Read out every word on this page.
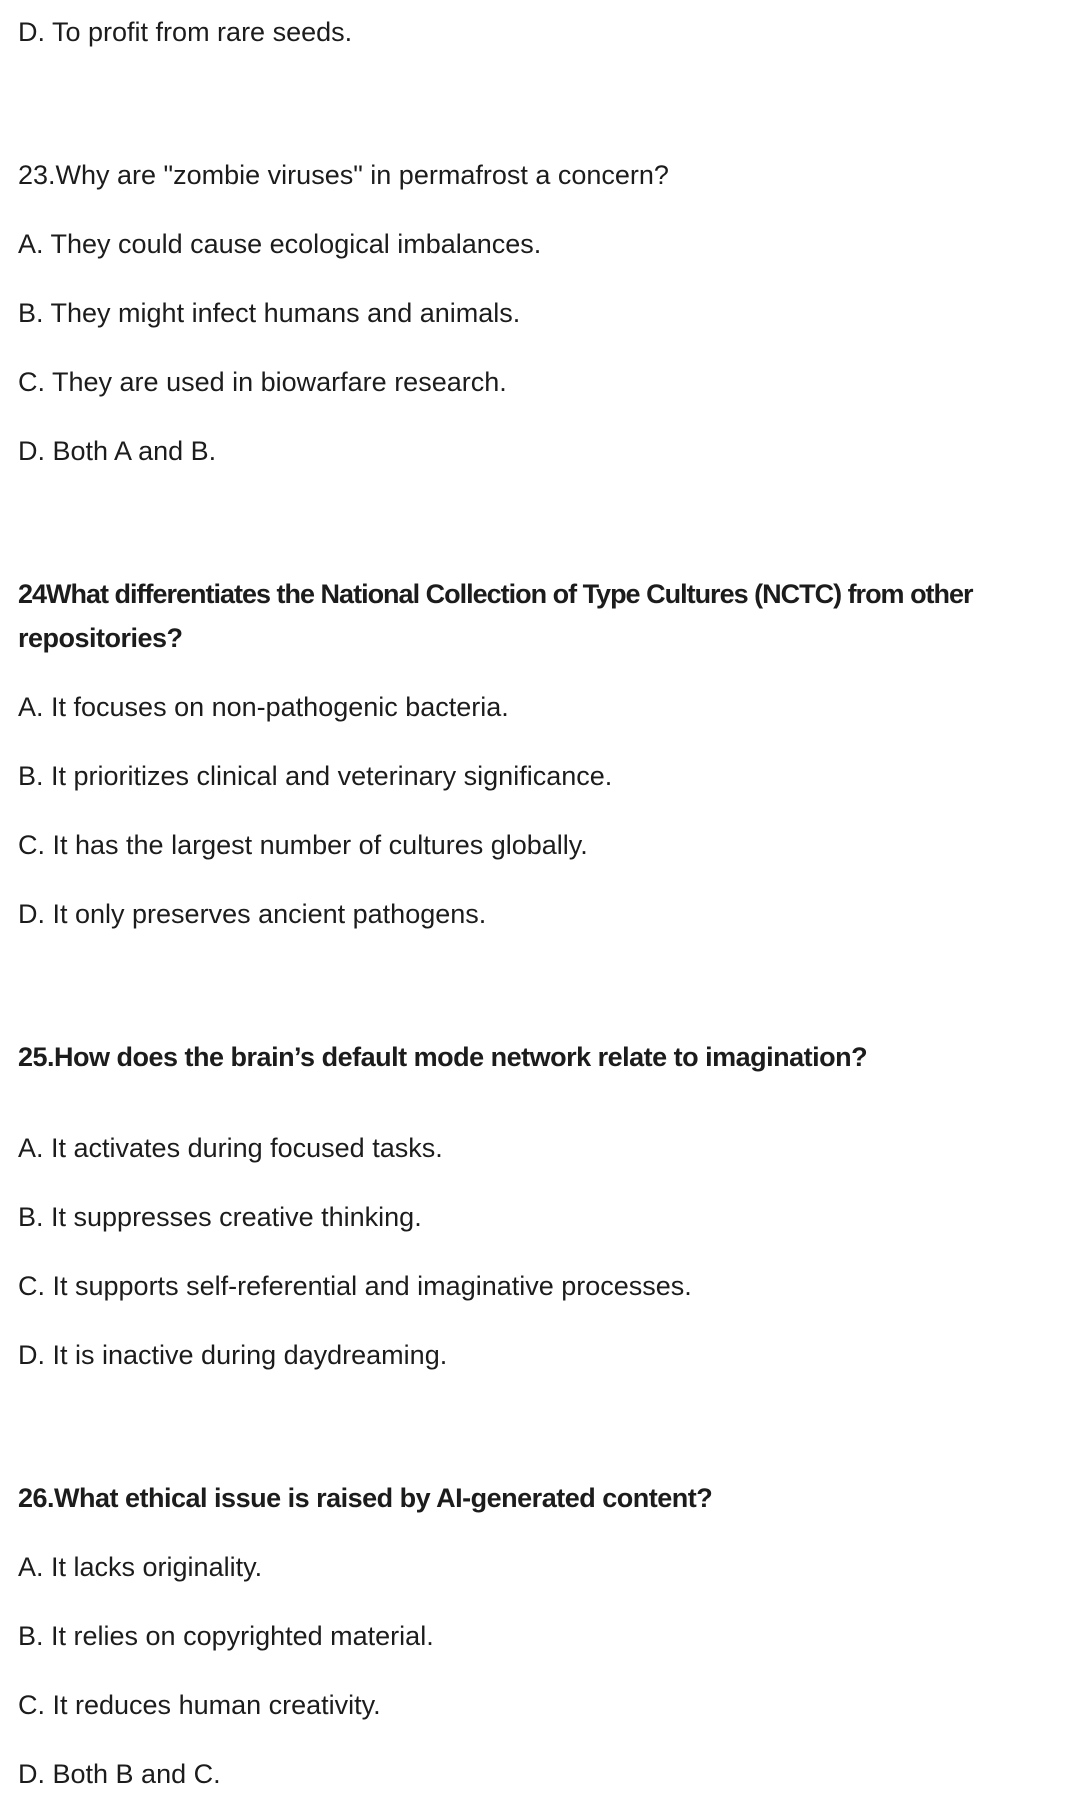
D. To profit from rare seeds.
23.Why are "zombie viruses" in permafrost a concern?
A. They could cause ecological imbalances.
B. They might infect humans and animals.
C. They are used in biowarfare research.
D. Both A and B.
24What differentiates the National Collection of Type Cultures (NCTC) from other
repositories?
A. It focuses on non-pathogenic bacteria.
B. It prioritizes clinical and veterinary significance.
C. It has the largest number of cultures globally.
D. It only preserves ancient pathogens.
25.How does the brain’s default mode network relate to imagination?
A. It activates during focused tasks.
B. It suppresses creative thinking.
C. It supports self-referential and imaginative processes.
D. It is inactive during daydreaming.
26.What ethical issue is raised by AI-generated content?
A. It lacks originality.
B. It relies on copyrighted material.
C. It reduces human creativity.
D. Both B and C.
